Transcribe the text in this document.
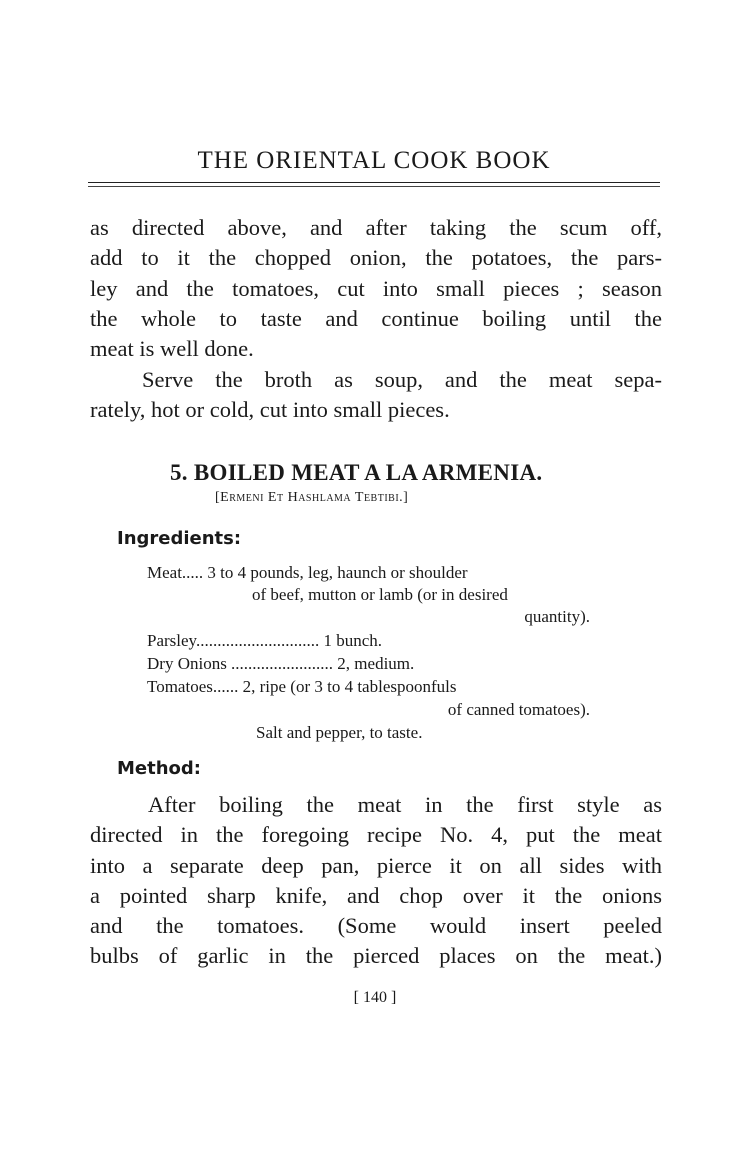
THE ORIENTAL COOK BOOK
as directed above, and after taking the scum off,
add to it the chopped onion, the potatoes, the pars-
ley and the tomatoes, cut into small pieces ; season
the whole to taste and continue boiling until the
meat is well done.
Serve the broth as soup, and the meat sepa-
rately, hot or cold, cut into small pieces.
5. BOILED MEAT A LA ARMENIA.
[Ermeni Et Hashlama Tebtibi.]
Ingredients:
Meat..... 3 to 4 pounds, leg, haunch or shoulder
of beef, mutton or lamb (or in desired
quantity).
Parsley............................. 1 bunch.
Dry Onions ........................ 2, medium.
Tomatoes...... 2, ripe (or 3 to 4 tablespoonfuls
of canned tomatoes).
Salt and pepper, to taste.
Method:
After boiling the meat in the first style as
directed in the foregoing recipe No. 4, put the meat
into a separate deep pan, pierce it on all sides with
a pointed sharp knife, and chop over it the onions
and the tomatoes. (Some would insert peeled
bulbs of garlic in the pierced places on the meat.)
[ 140 ]
